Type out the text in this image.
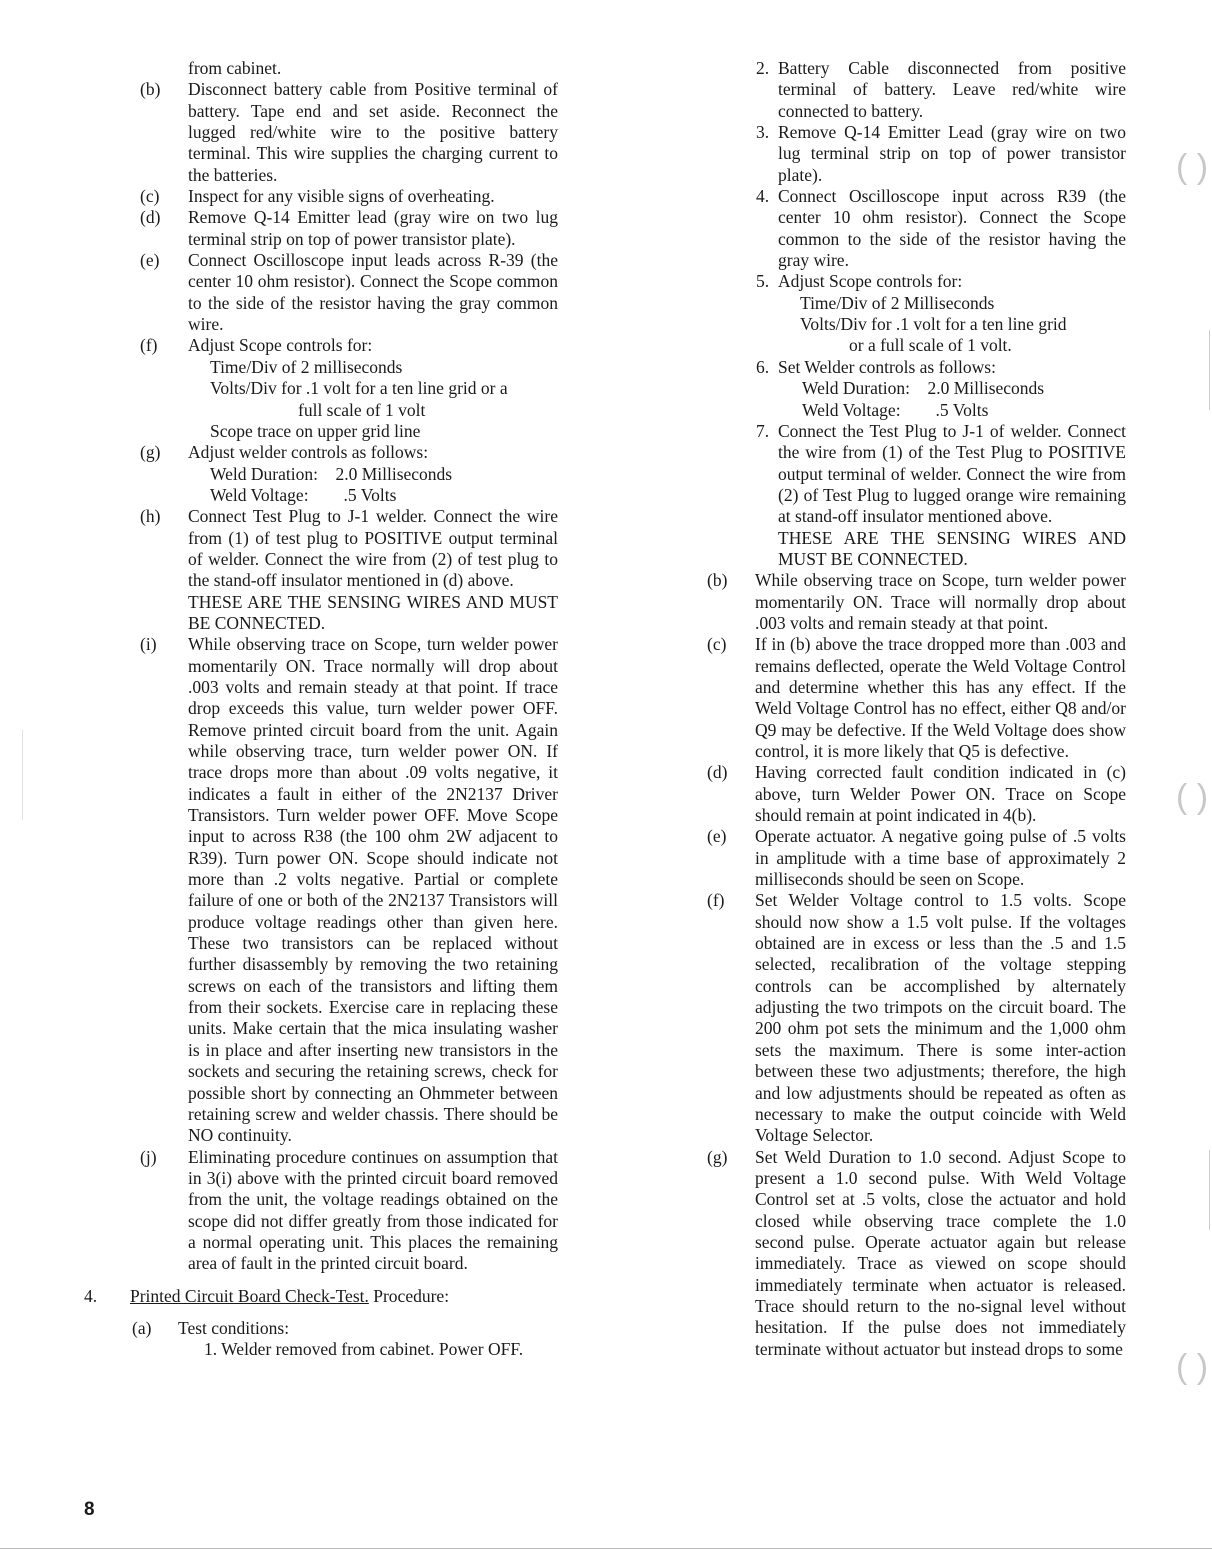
from cabinet.
(b) Disconnect battery cable from Positive terminal of battery. Tape end and set aside. Reconnect the lugged red/white wire to the positive battery terminal. This wire supplies the charging current to the batteries.
(c) Inspect for any visible signs of overheating.
(d) Remove Q-14 Emitter lead (gray wire on two lug terminal strip on top of power transistor plate).
(e) Connect Oscilloscope input leads across R-39 (the center 10 ohm resistor). Connect the Scope common to the side of the resistor having the gray common wire.
(f) Adjust Scope controls for:
Time/Div of 2 milliseconds
Volts/Div for .1 volt for a ten line grid or a
full scale of 1 volt
Scope trace on upper grid line
(g) Adjust welder controls as follows:
Weld Duration:    2.0 Milliseconds
Weld Voltage:        .5 Volts
(h) Connect Test Plug to J-1 welder. Connect the wire from (1) of test plug to POSITIVE output terminal of welder. Connect the wire from (2) of test plug to the stand-off insulator mentioned in (d) above.
THESE ARE THE SENSING WIRES AND MUST BE CONNECTED.
(i) While observing trace on Scope, turn welder power momentarily ON. Trace normally will drop about .003 volts and remain steady at that point. If trace drop exceeds this value, turn welder power OFF. Remove printed circuit board from the unit. Again while observing trace, turn welder power ON. If trace drops more than about .09 volts negative, it indicates a fault in either of the 2N2137 Driver Transistors. Turn welder power OFF. Move Scope input to across R38 (the 100 ohm 2W adjacent to R39). Turn power ON. Scope should indicate not more than .2 volts negative. Partial or complete failure of one or both of the 2N2137 Transistors will produce voltage readings other than given here. These two transistors can be replaced without further disassembly by removing the two retaining screws on each of the transistors and lifting them from their sockets. Exercise care in replacing these units. Make certain that the mica insulating washer is in place and after inserting new transistors in the sockets and securing the retaining screws, check for possible short by connecting an Ohmmeter between retaining screw and welder chassis. There should be NO continuity.
(j) Eliminating procedure continues on assumption that in 3(i) above with the printed circuit board removed from the unit, the voltage readings obtained on the scope did not differ greatly from those indicated for a normal operating unit. This places the remaining area of fault in the printed circuit board.
4. Printed Circuit Board Check-Test. Procedure:
(a) Test conditions:
1. Welder removed from cabinet. Power OFF.
2. Battery Cable disconnected from positive terminal of battery. Leave red/white wire connected to battery.
3. Remove Q-14 Emitter Lead (gray wire on two lug terminal strip on top of power transistor plate).
4. Connect Oscilloscope input across R39 (the center 10 ohm resistor). Connect the Scope common to the side of the resistor having the gray wire.
5. Adjust Scope controls for:
Time/Div of 2 Milliseconds
Volts/Div for .1 volt for a ten line grid
or a full scale of 1 volt.
6. Set Welder controls as follows:
Weld Duration:    2.0 Milliseconds
Weld Voltage:        .5 Volts
7. Connect the Test Plug to J-1 of welder. Connect the wire from (1) of the Test Plug to POSITIVE output terminal of welder. Connect the wire from (2) of Test Plug to lugged orange wire remaining at stand-off insulator mentioned above.
THESE ARE THE SENSING WIRES AND MUST BE CONNECTED.
(b) While observing trace on Scope, turn welder power momentarily ON. Trace will normally drop about .003 volts and remain steady at that point.
(c) If in (b) above the trace dropped more than .003 and remains deflected, operate the Weld Voltage Control and determine whether this has any effect. If the Weld Voltage Control has no effect, either Q8 and/or Q9 may be defective. If the Weld Voltage does show control, it is more likely that Q5 is defective.
(d) Having corrected fault condition indicated in (c) above, turn Welder Power ON. Trace on Scope should remain at point indicated in 4(b).
(e) Operate actuator. A negative going pulse of .5 volts in amplitude with a time base of approximately 2 milliseconds should be seen on Scope.
(f) Set Welder Voltage control to 1.5 volts. Scope should now show a 1.5 volt pulse. If the voltages obtained are in excess or less than the .5 and 1.5 selected, recalibration of the voltage stepping controls can be accomplished by alternately adjusting the two trimpots on the circuit board. The 200 ohm pot sets the minimum and the 1,000 ohm sets the maximum. There is some inter-action between these two adjustments; therefore, the high and low adjustments should be repeated as often as necessary to make the output coincide with Weld Voltage Selector.
(g) Set Weld Duration to 1.0 second. Adjust Scope to present a 1.0 second pulse. With Weld Voltage Control set at .5 volts, close the actuator and hold closed while observing trace complete the 1.0 second pulse. Operate actuator again but release immediately. Trace as viewed on scope should immediately terminate when actuator is released. Trace should return to the no-signal level without hesitation. If the pulse does not immediately terminate without actuator but instead drops to some
8
( )
( )
( )
